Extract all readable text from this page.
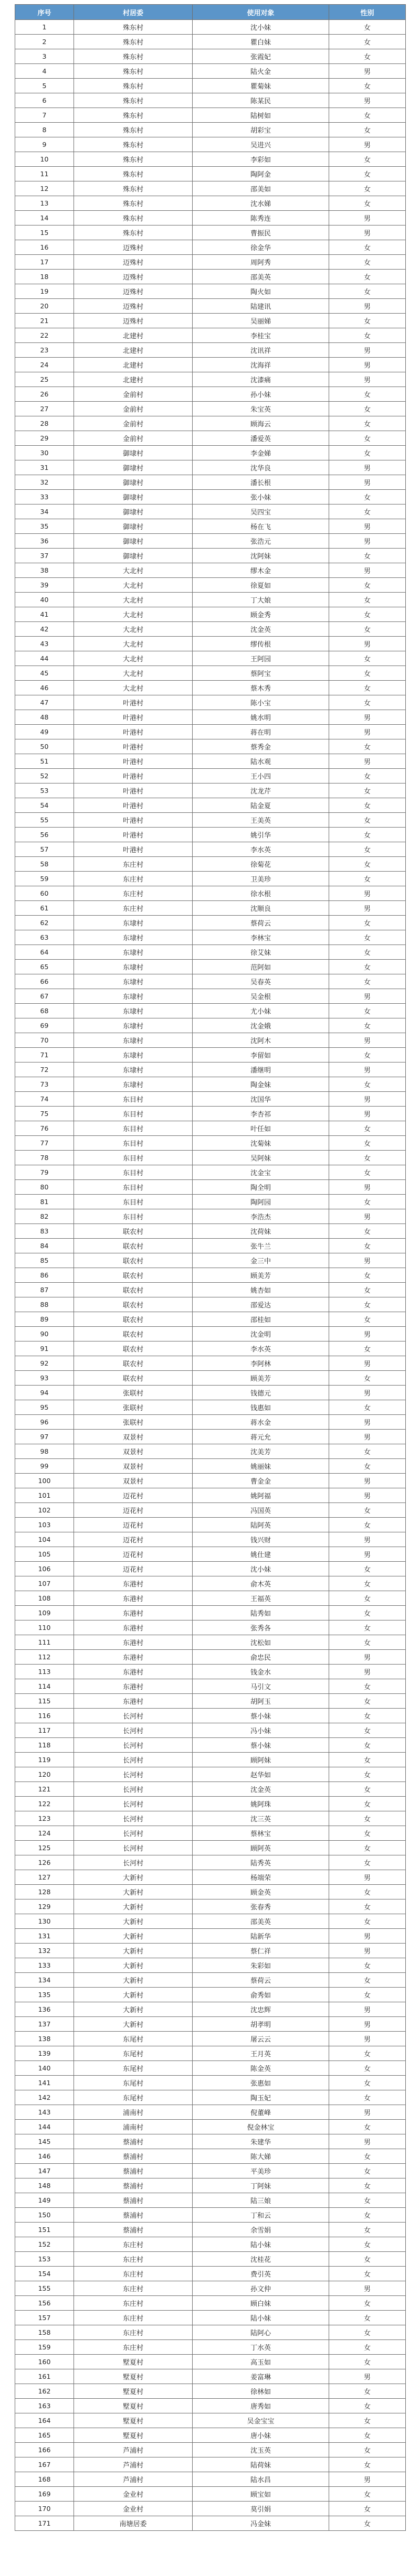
序号	村居委	使用对象	性别
1	殊东村	沈小妹	女
2	殊东村	瞿白妹	女
3	殊东村	张霞妃	女
4	殊东村	陆火金	男
5	殊东村	瞿菊妹	女
6	殊东村	陈某民	男
7	殊东村	陆树如	女
8	殊东村	胡彩宝	女
9	殊东村	吴进兴	男
10	殊东村	李彩如	女
11	殊东村	陶阿金	女
12	殊东村	邵美如	女
13	殊东村	沈水娣	女
14	殊东村	陈秀连	男
15	殊东村	曹振民	男
16	迈殊村	徐金华	女
17	迈殊村	周阿秀	女
18	迈殊村	邵美英	女
19	迈殊村	陶火如	女
20	迈殊村	陆建讯	男
21	迈殊村	吴丽娣	女
22	北建村	李桂宝	女
23	北建村	沈讯祥	男
24	北建村	沈海祥	男
25	北建村	沈漆痛	男
26	金前村	孙小妹	女
27	金前村	朱宝英	女
28	金前村	顾海云	女
29	金前村	潘爱英	女
30	御埭村	李金娣	女
31	御埭村	沈华良	男
32	御埭村	潘长根	男
33	御埭村	张小妹	女
34	御埭村	吴四宝	女
35	御埭村	杨在飞	男
36	御埭村	张浩元	男
37	御埭村	沈阿妹	女
38	大北村	缪木金	男
39	大北村	徐夏如	女
40	大北村	丁大娘	女
41	大北村	顾金秀	女
42	大北村	沈金英	女
43	大北村	缪传根	男
44	大北村	王阿园	女
45	大北村	蔡阿宝	女
46	大北村	蔡木秀	女
47	叶港村	陈小宝	女
48	叶港村	姚水明	男
49	叶港村	蒋在明	男
50	叶港村	蔡秀金	女
51	叶港村	陆水观	男
52	叶港村	王小四	女
53	叶港村	沈龙芹	女
54	叶港村	陆金夏	女
55	叶港村	王美英	女
56	叶港村	姚引华	女
57	叶港村	李水英	女
58	东庄村	徐菊花	女
59	东庄村	卫美珍	女
60	东庄村	徐水根	男
61	东庄村	沈顺良	男
62	东埭村	蔡荷云	女
63	东埭村	李林宝	女
64	东埭村	徐艾妹	女
65	东埭村	范阿如	女
66	东埭村	吴春英	女
67	东埭村	吴金根	男
68	东埭村	尤小妹	女
69	东埭村	沈金娥	女
70	东埭村	沈阿木	男
71	东埭村	李留如	女
72	东埭村	潘继明	男
73	东埭村	陶金妹	女
74	东目村	沈国华	男
75	东目村	李杏祁	男
76	东目村	叶任如	女
77	东目村	沈菊妹	女
78	东目村	吴阿妹	女
79	东目村	沈金宝	女
80	东目村	陶全明	男
81	东目村	陶阿园	女
82	东目村	李浩杰	男
83	联农村	沈荷妹	女
84	联农村	张牛兰	女
85	联农村	金三中	男
86	联农村	顾美芳	女
87	联农村	姚杏如	女
88	联农村	邵爱达	女
89	联农村	邵桂如	女
90	联农村	沈金明	男
91	联农村	李水英	女
92	联农村	李阿林	男
93	联农村	顾美芳	女
94	张联村	钱德元	男
95	张联村	钱惠如	女
96	张联村	蒋水金	男
97	双景村	蒋元允	男
98	双景村	沈美芳	女
99	双景村	姚丽妹	女
100	双景村	曹金金	男
101	迈花村	姚阿福	男
102	迈花村	冯国英	女
103	迈花村	陆阿英	女
104	迈花村	钱兴财	男
105	迈花村	姚仕建	男
106	迈花村	沈小妹	女
107	东港村	俞木英	女
108	东港村	王福英	女
109	东港村	陆秀如	女
110	东港村	张秀各	女
111	东港村	沈松如	女
112	东港村	俞忠民	男
113	东港村	钱金水	男
114	东港村	马引文	女
115	东港村	胡阿玉	女
116	长河村	蔡小妹	女
117	长河村	冯小妹	女
118	长河村	蔡小妹	女
119	长河村	顾阿妹	女
120	长河村	赵华如	女
121	长河村	沈金英	女
122	长河村	姚阿珠	女
123	长河村	沈三英	女
124	长河村	蔡林宝	女
125	长河村	顾阿英	女
126	长河村	陆秀英	女
127	大新村	杨端荣	男
128	大新村	顾金英	女
129	大新村	张春秀	女
130	大新村	邵美英	女
131	大新村	陆新华	男
132	大新村	蔡仁祥	男
133	大新村	朱彩如	女
134	大新村	蔡荷云	女
135	大新村	俞秀如	女
136	大新村	沈忠辉	男
137	大新村	胡孝明	男
138	东尾村	屠云云	男
139	东尾村	王月英	女
140	东尾村	陈金英	女
141	东尾村	张惠如	女
142	东尾村	陶玉妃	女
143	浦南村	倪董峰	男
144	浦南村	倪金林宝	女
145	蔡浦村	朱建华	男
146	蔡浦村	陈大娣	女
147	蔡浦村	平美珍	女
148	蔡浦村	丁阿妹	女
149	蔡浦村	陆三娘	女
150	蔡浦村	丁和云	女
151	蔡浦村	余雪娟	女
152	东庄村	陆小妹	女
153	东庄村	沈桂花	女
154	东庄村	费引英	女
155	东庄村	孙文仲	男
156	东庄村	顾白妹	女
157	东庄村	陆小妹	女
158	东庄村	陆阿心	女
159	东庄村	丁水英	女
160	墅夏村	高玉如	女
161	墅夏村	姜富琳	男
162	墅夏村	徐林如	女
163	墅夏村	唐秀如	女
164	墅夏村	吴金宝宝	女
165	墅夏村	唐小妹	女
166	芦浦村	沈玉英	女
167	芦浦村	陆荷妹	女
168	芦浦村	陆水昌	男
169	金业村	顾宝如	女
170	金业村	莫引娟	女
171	南塘居委	冯金妹	女
